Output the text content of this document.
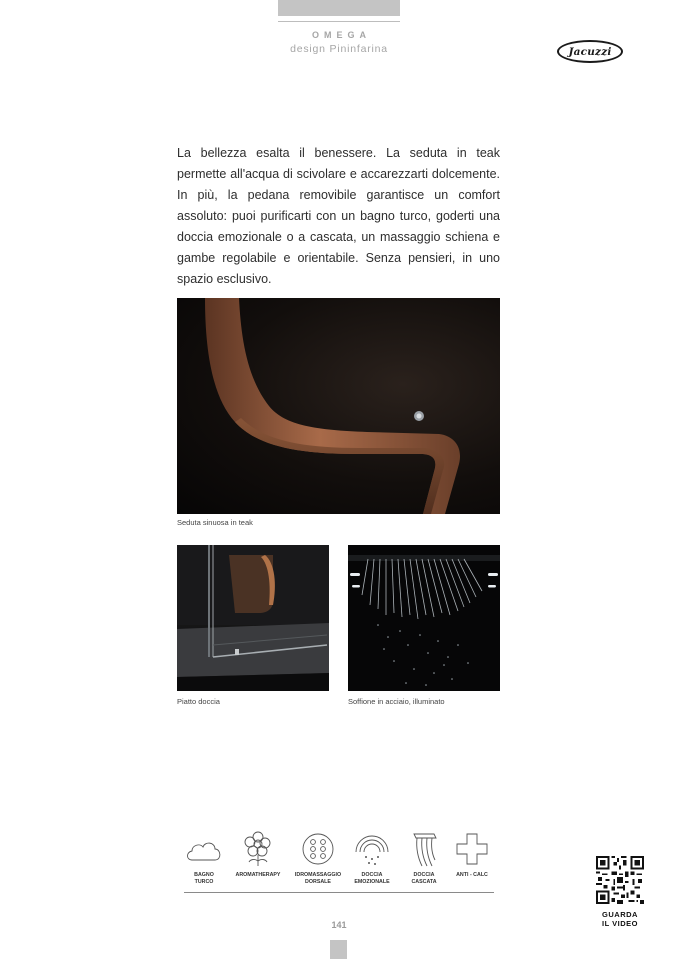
OMEGA
design Pininfarina	Jacuzzi

La bellezza esalta il benessere. La seduta in teak permette all'acqua di scivolare e accarezzarti dolcemente. In più, la pedana removibile garantisce un comfort assoluto: puoi purificarti con un bagno turco, goderti una doccia emozionale o a cascata, un massaggio schiena e gambe regolabile e orientabile. Senza pensieri, in uno spazio esclusivo.

Seduta sinuosa in teak
Piatto doccia	Soffione in acciaio, illuminato
BAGNO
TURCO
AROMATHERAPY	IDROMASSAGGIO
DORSALE
DOCCIA
EMOZIONALE
DOCCIA
CASCATA
ANTI - CALC
141
GUARDA
IL VIDEO
